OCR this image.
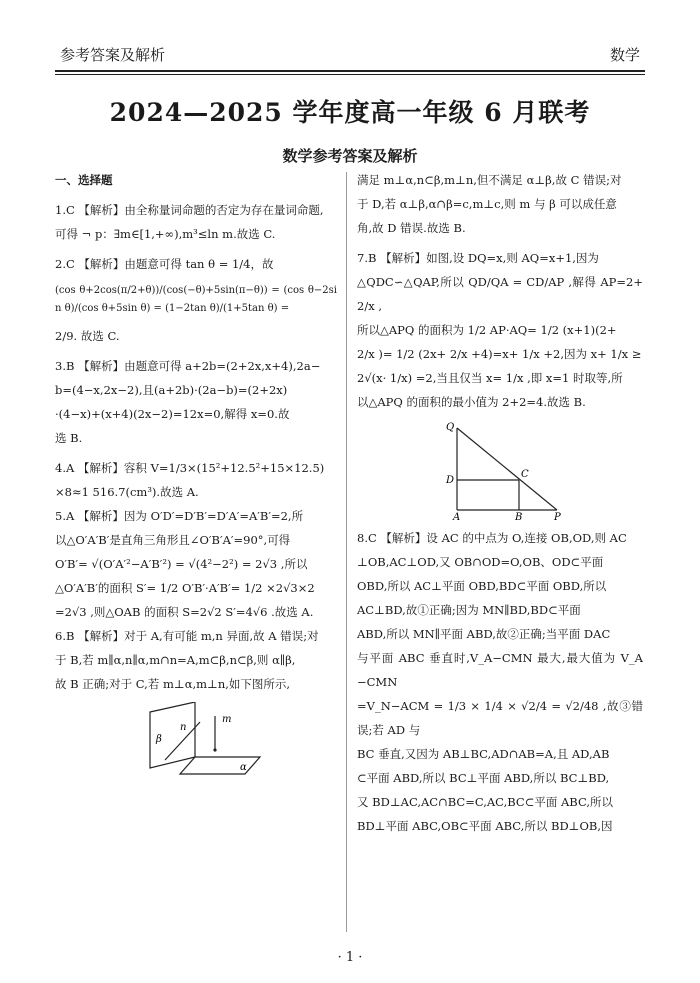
参考答案及解析	数学
2024—2025 学年度高一年级 6 月联考
数学参考答案及解析

一、选择题

1.C 【解析】由全称量词命题的否定为存在量词命题,

可得 ¬ p：∃m∈[1,+∞),m³≤ln m.故选 C.

2.C 【解析】由题意可得 tan θ = 1/4，故

(cos θ+2cos(π/2+θ))/(cos(−θ)+5sin(π−θ)) = (cos θ−2sin θ)/(cos θ+5sin θ) = (1−2tan θ)/(1+5tan θ) =

2/9. 故选 C.

3.B 【解析】由题意可得 a+2b=(2+2x,x+4),2a−

b=(4−x,2x−2),且(a+2b)·(2a−b)=(2+2x)

·(4−x)+(x+4)(2x−2)=12x=0,解得 x=0.故

选 B.

4.A 【解析】容积 V=1/3×(15²+12.5²+15×12.5)

×8≈1 516.7(cm³).故选 A.

5.A 【解析】因为 O′D′=D′B′=D′A′=A′B′=2,所

以△O′A′B′是直角三角形且∠O′B′A′=90°,可得

O′B′= √(O′A′²−A′B′²) = √(4²−2²) = 2√3 ,所以

△O′A′B′的面积 S′= 1/2 O′B′·A′B′= 1/2 ×2√3×2

=2√3 ,则△OAB 的面积 S=2√2 S′=4√6 .故选 A.

6.B 【解析】对于 A,有可能 m,n 异面,故 A 错误;对

于 B,若 m∥α,n∥α,m∩n=A,m⊂β,n⊂β,则 α∥β,

故 B 正确;对于 C,若 m⊥α,m⊥n,如下图所示,

m
n
β
α

满足 m⊥α,n⊂β,m⊥n,但不满足 α⊥β,故 C 错误;对

于 D,若 α⊥β,α∩β=c,m⊥c,则 m 与 β 可以成任意

角,故 D 错误.故选 B.

7.B 【解析】如图,设 DQ=x,则 AQ=x+1,因为

△QDC∽△QAP,所以 QD/QA = CD/AP ,解得 AP=2+ 2/x ,

所以△APQ 的面积为 1/2 AP·AQ= 1/2 (x+1)(2+

2/x )= 1/2 (2x+ 2/x +4)=x+ 1/x +2,因为 x+ 1/x ≥

2√(x· 1/x) =2,当且仅当 x= 1/x ,即 x=1 时取等,所

以△APQ 的面积的最小值为 2+2=4.故选 B.

Q
D
C
A	B	P

8.C 【解析】设 AC 的中点为 O,连接 OB,OD,则 AC

⊥OB,AC⊥OD,又 OB∩OD=O,OB、OD⊂平面

OBD,所以 AC⊥平面 OBD,BD⊂平面 OBD,所以

AC⊥BD,故①正确;因为 MN∥BD,BD⊂平面

ABD,所以 MN∥平面 ABD,故②正确;当平面 DAC

与平面 ABC 垂直时,V_A−CMN 最大,最大值为 V_A−CMN

=V_N−ACM = 1/3 × 1/4 × √2/4 = √2/48 ,故③错误;若 AD 与

BC 垂直,又因为 AB⊥BC,AD∩AB=A,且 AD,AB

⊂平面 ABD,所以 BC⊥平面 ABD,所以 BC⊥BD,

又 BD⊥AC,AC∩BC=C,AC,BC⊂平面 ABC,所以

BD⊥平面 ABC,OB⊂平面 ABC,所以 BD⊥OB,因

· 1 ·
